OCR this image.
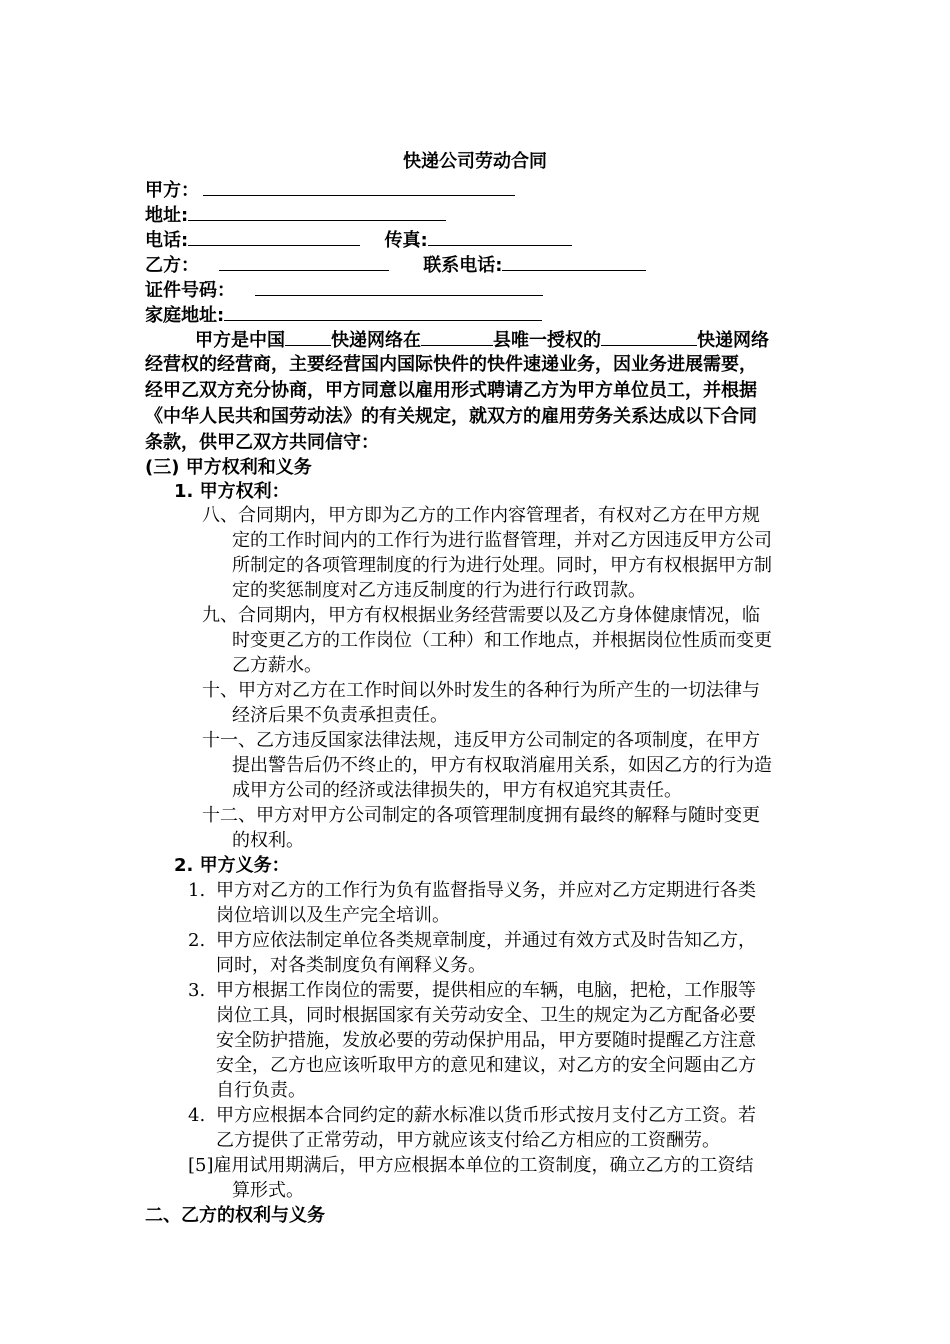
快递公司劳动合同
甲方：
地址:
电话:	传真:
乙方：	联系电话:
证件号码：
家庭地址:
甲方是中国	快递网络在	县唯一授权的	快递网络
经营权的经营商，主要经营国内国际快件的快件速递业务，因业务进展需要，
经甲乙双方充分协商，甲方同意以雇用形式聘请乙方为甲方单位员工，并根据
《中华人民共和国劳动法》的有关规定，就双方的雇用劳务关系达成以下合同
条款，供甲乙双方共同信守：
(三) 甲方权利和义务
1. 甲方权利：
八、合同期内，甲方即为乙方的工作内容管理者，有权对乙方在甲方规
定的工作时间内的工作行为进行监督管理，并对乙方因违反甲方公司
所制定的各项管理制度的行为进行处理。同时，甲方有权根据甲方制
定的奖惩制度对乙方违反制度的行为进行行政罚款。
九、合同期内，甲方有权根据业务经营需要以及乙方身体健康情况，临
时变更乙方的工作岗位（工种）和工作地点，并根据岗位性质而变更
乙方薪水。
十、甲方对乙方在工作时间以外时发生的各种行为所产生的一切法律与
经济后果不负责承担责任。
十一、乙方违反国家法律法规，违反甲方公司制定的各项制度，在甲方
提出警告后仍不终止的，甲方有权取消雇用关系，如因乙方的行为造
成甲方公司的经济或法律损失的，甲方有权追究其责任。
十二、甲方对甲方公司制定的各项管理制度拥有最终的解释与随时变更
的权利。
2. 甲方义务：
1. 甲方对乙方的工作行为负有监督指导义务，并应对乙方定期进行各类
岗位培训以及生产完全培训。
2. 甲方应依法制定单位各类规章制度，并通过有效方式及时告知乙方，
同时，对各类制度负有阐释义务。
3. 甲方根据工作岗位的需要，提供相应的车辆，电脑，把枪，工作服等
岗位工具，同时根据国家有关劳动安全、卫生的规定为乙方配备必要
安全防护措施，发放必要的劳动保护用品，甲方要随时提醒乙方注意
安全，乙方也应该听取甲方的意见和建议，对乙方的安全问题由乙方
自行负责。
4. 甲方应根据本合同约定的薪水标准以货币形式按月支付乙方工资。若
乙方提供了正常劳动，甲方就应该支付给乙方相应的工资酬劳。
[5]雇用试用期满后，甲方应根据本单位的工资制度，确立乙方的工资结
算形式。
二、乙方的权利与义务
